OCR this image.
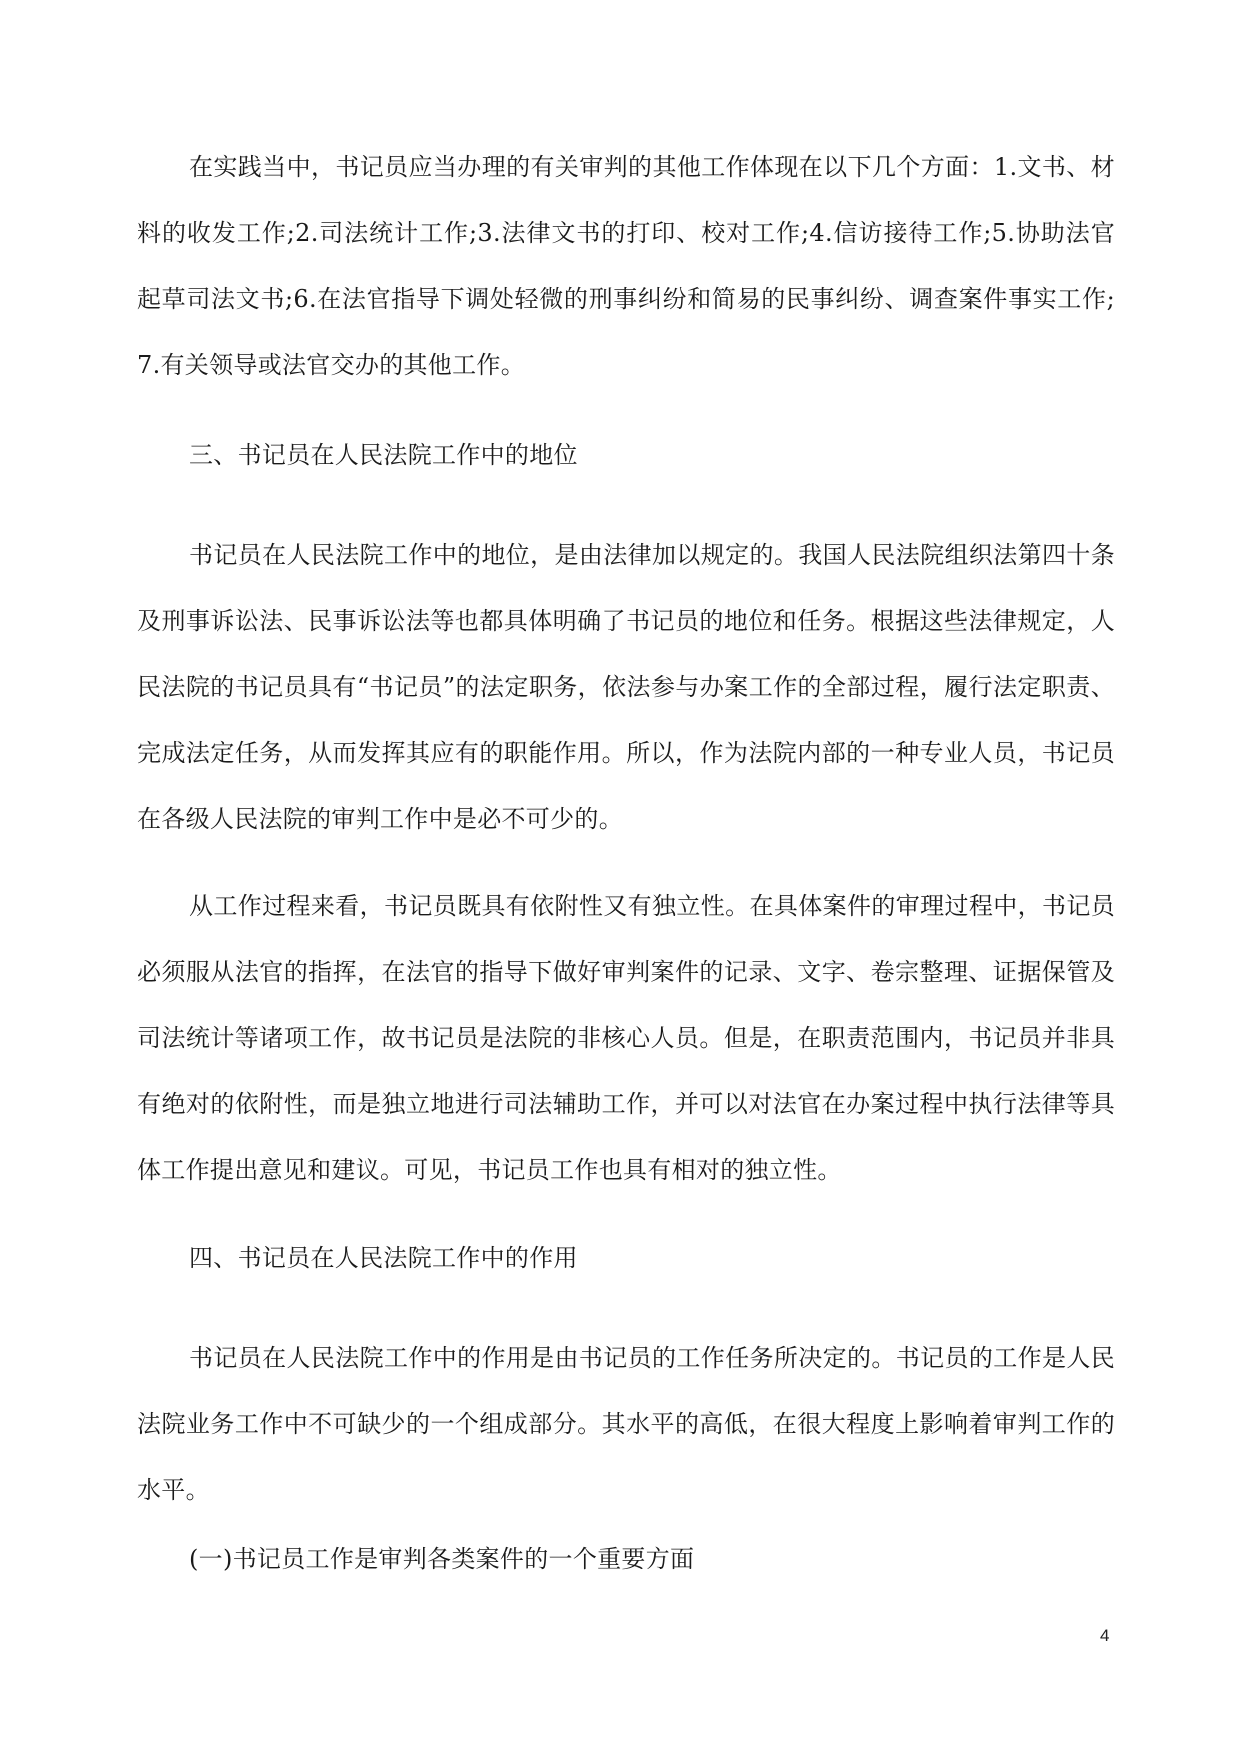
在实践当中，书记员应当办理的有关审判的其他工作体现在以下几个方面：1.文书、材料的收发工作;2.司法统计工作;3.法律文书的打印、校对工作;4.信访接待工作;5.协助法官起草司法文书;6.在法官指导下调处轻微的刑事纠纷和简易的民事纠纷、调查案件事实工作;7.有关领导或法官交办的其他工作。

三、书记员在人民法院工作中的地位

书记员在人民法院工作中的地位，是由法律加以规定的。我国人民法院组织法第四十条及刑事诉讼法、民事诉讼法等也都具体明确了书记员的地位和任务。根据这些法律规定，人民法院的书记员具有“书记员”的法定职务，依法参与办案工作的全部过程，履行法定职责、完成法定任务，从而发挥其应有的职能作用。所以，作为法院内部的一种专业人员，书记员在各级人民法院的审判工作中是必不可少的。

从工作过程来看，书记员既具有依附性又有独立性。在具体案件的审理过程中，书记员必须服从法官的指挥，在法官的指导下做好审判案件的记录、文字、卷宗整理、证据保管及司法统计等诸项工作，故书记员是法院的非核心人员。但是，在职责范围内，书记员并非具有绝对的依附性，而是独立地进行司法辅助工作，并可以对法官在办案过程中执行法律等具体工作提出意见和建议。可见，书记员工作也具有相对的独立性。

四、书记员在人民法院工作中的作用

书记员在人民法院工作中的作用是由书记员的工作任务所决定的。书记员的工作是人民法院业务工作中不可缺少的一个组成部分。其水平的高低，在很大程度上影响着审判工作的水平。

(一)书记员工作是审判各类案件的一个重要方面

4
